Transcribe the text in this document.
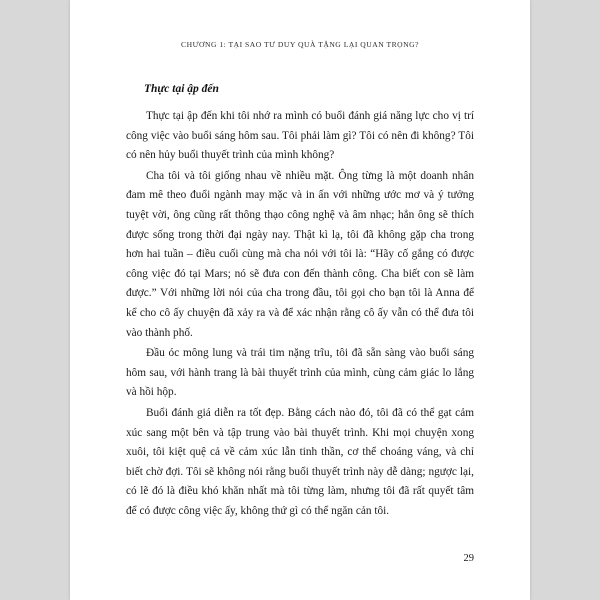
CHƯƠNG 1: TẠI SAO TƯ DUY QUÀ TẶNG LẠI QUAN TRỌNG?
Thực tại ập đến

Thực tại ập đến khi tôi nhớ ra mình có buổi đánh giá năng lực cho vị trí công việc vào buổi sáng hôm sau. Tôi phải làm gì? Tôi có nên đi không? Tôi có nên hủy buổi thuyết trình của mình không?

Cha tôi và tôi giống nhau về nhiều mặt. Ông từng là một doanh nhân đam mê theo đuổi ngành may mặc và in ấn với những ước mơ và ý tưởng tuyệt vời, ông cũng rất thông thạo công nghệ và âm nhạc; hẳn ông sẽ thích được sống trong thời đại ngày nay. Thật kì lạ, tôi đã không gặp cha trong hơn hai tuần – điều cuối cùng mà cha nói với tôi là: “Hãy cố gắng có được công việc đó tại Mars; nó sẽ đưa con đến thành công. Cha biết con sẽ làm được.” Với những lời nói của cha trong đầu, tôi gọi cho bạn tôi là Anna để kể cho cô ấy chuyện đã xảy ra và để xác nhận rằng cô ấy vẫn có thể đưa tôi vào thành phố.

Đầu óc mông lung và trái tim nặng trĩu, tôi đã sẵn sàng vào buổi sáng hôm sau, với hành trang là bài thuyết trình của mình, cùng cảm giác lo lắng và hồi hộp.

Buổi đánh giá diễn ra tốt đẹp. Bằng cách nào đó, tôi đã có thể gạt cảm xúc sang một bên và tập trung vào bài thuyết trình. Khi mọi chuyện xong xuôi, tôi kiệt quệ cả về cảm xúc lẫn tinh thần, cơ thể choáng váng, và chỉ biết chờ đợi. Tôi sẽ không nói rằng buổi thuyết trình này dễ dàng; ngược lại, có lẽ đó là điều khó khăn nhất mà tôi từng làm, nhưng tôi đã rất quyết tâm để có được công việc ấy, không thứ gì có thể ngăn cản tôi.

29
